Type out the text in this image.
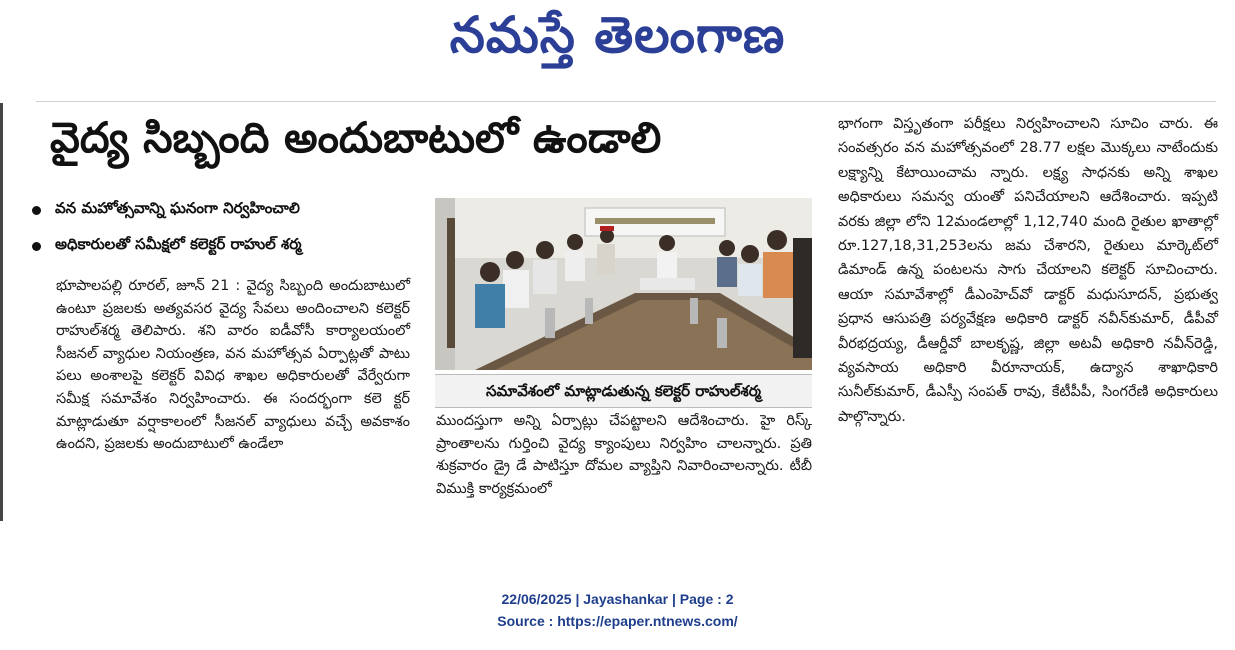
నమస్తే తెలంగాణ
వైద్య సిబ్బంది అందుబాటులో ఉండాలి
వన మహోత్సవాన్ని ఘనంగా నిర్వహించాలి
అధికారులతో సమీక్షలో కలెక్టర్ రాహుల్ శర్మ
భూపాలపల్లి రూరల్, జూన్ 21 : వైద్య సిబ్బంది అందుబాటులో ఉంటూ ప్రజలకు అత్యవసర వైద్య సేవలు అందించాలని కలెక్టర్ రాహుల్‌శర్మ తెలిపారు. శని వారం ఐడీవోసీ కార్యాలయంలో సీజనల్ వ్యాధుల నియంత్రణ, వన మహోత్సవ ఏర్పాట్లతో పాటు పలు అంశాలపై కలెక్టర్ వివిధ శాఖల అధికారులతో వేర్వేరుగా సమీక్ష సమావేశం నిర్వహించారు. ఈ సందర్భంగా కలె క్టర్ మాట్లాడుతూ వర్షాకాలంలో సీజనల్ వ్యాధులు వచ్చే అవకాశం ఉందని, ప్రజలకు అందుబాటులో ఉండేలా
సమావేశంలో మాట్లాడుతున్న కలెక్టర్ రాహుల్‌శర్మ
ముందస్తుగా అన్ని ఏర్పాట్లు చేపట్టాలని ఆదేశించారు. హై రిస్క్ ప్రాంతాలను గుర్తించి వైద్య క్యాంపులు నిర్వహిం చాలన్నారు. ప్రతి శుక్రవారం డ్రై డే పాటిస్తూ దోమల వ్యాప్తిని నివారించాలన్నారు. టీబీ విముక్తి కార్యక్రమంలో
భాగంగా విస్తృతంగా పరీక్షలు నిర్వహించాలని సూచిం చారు. ఈ సంవత్సరం వన మహోత్సవంలో 28.77 లక్షల మొక్కలు నాటేందుకు లక్ష్యాన్ని కేటాయించామ న్నారు. లక్ష్య సాధనకు అన్ని శాఖల అధికారులు సమన్వ యంతో పనిచేయాలని ఆదేశించారు. ఇప్పటి వరకు జిల్లా లోని 12మండలాల్లో 1,12,740 మంది రైతుల ఖాతాల్లో రూ.127,18,31,253లను జమ చేశారని, రైతులు మార్కెట్‌లో డిమాండ్ ఉన్న పంటలను సాగు చేయాలని కలెక్టర్ సూచించారు. ఆయా సమావేశాల్లో డీఎంహెచ్‌వో డాక్టర్ మధుసూదన్, ప్రభుత్వ ప్రధాన ఆసుపత్రి పర్యవేక్షణ అధికారి డాక్టర్ నవీన్‌కుమార్, డీపీవో వీరభద్రయ్య, డీఆర్డీవో బాలకృష్ణ, జిల్లా అటవీ అధికారి నవీన్‌రెడ్డి, వ్యవసాయ అధికారి వీరూనాయక్, ఉద్యాన శాఖాధికారి సునీల్‌కుమార్, డీఎస్పీ సంపత్ రావు, కేటీపీపీ, సింగరేణి అధికారులు పాల్గొన్నారు.
22/06/2025 | Jayashankar | Page : 2
Source : https://epaper.ntnews.com/
